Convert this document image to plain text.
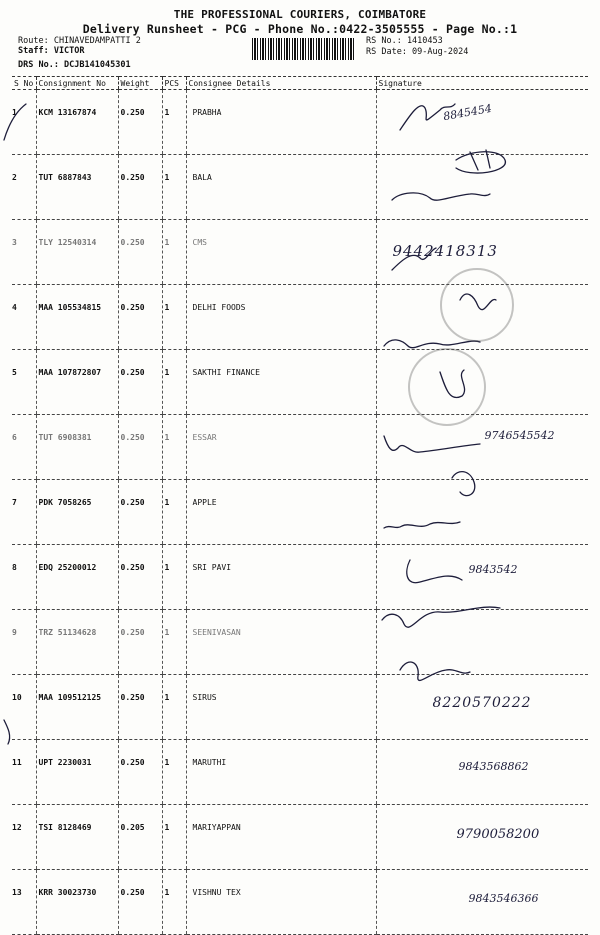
THE PROFESSIONAL COURIERS, COIMBATORE
Delivery Runsheet - PCG - Phone No.:0422-3505555 - Page No.:1
Route: CHINAVEDAMPATTI 2
Staff: VICTOR
DRS No.: DCJB141045301
RS No.: 1410453
RS Date: 09-Aug-2024
S No	Consignment No	Weight	PCS	Consignee Details	Signature
1	KCM 13167874	0.250	1	PRABHA	8845454

2	TUT 6887843	0.250	1	BALA	

3	TLY 12540314	0.250	1	CMS	9442418313

4	MAA 105534815	0.250	1	DELHI FOODS	

5	MAA 107872807	0.250	1	SAKTHI FINANCE	

6	TUT 6908381	0.250	1	ESSAR	9746545542

7	PDK 7058265	0.250	1	APPLE	

8	EDQ 25200012	0.250	1	SRI PAVI	9843542

9	TRZ 51134628	0.250	1	SEENIVASAN	

10	MAA 109512125	0.250	1	SIRUS	8220570222

11	UPT 2230031	0.250	1	MARUTHI	9843568862

12	TSI 8128469	0.205	1	MARIYAPPAN	9790058200

13	KRR 30023730	0.250	1	VISHNU TEX	9843546366
